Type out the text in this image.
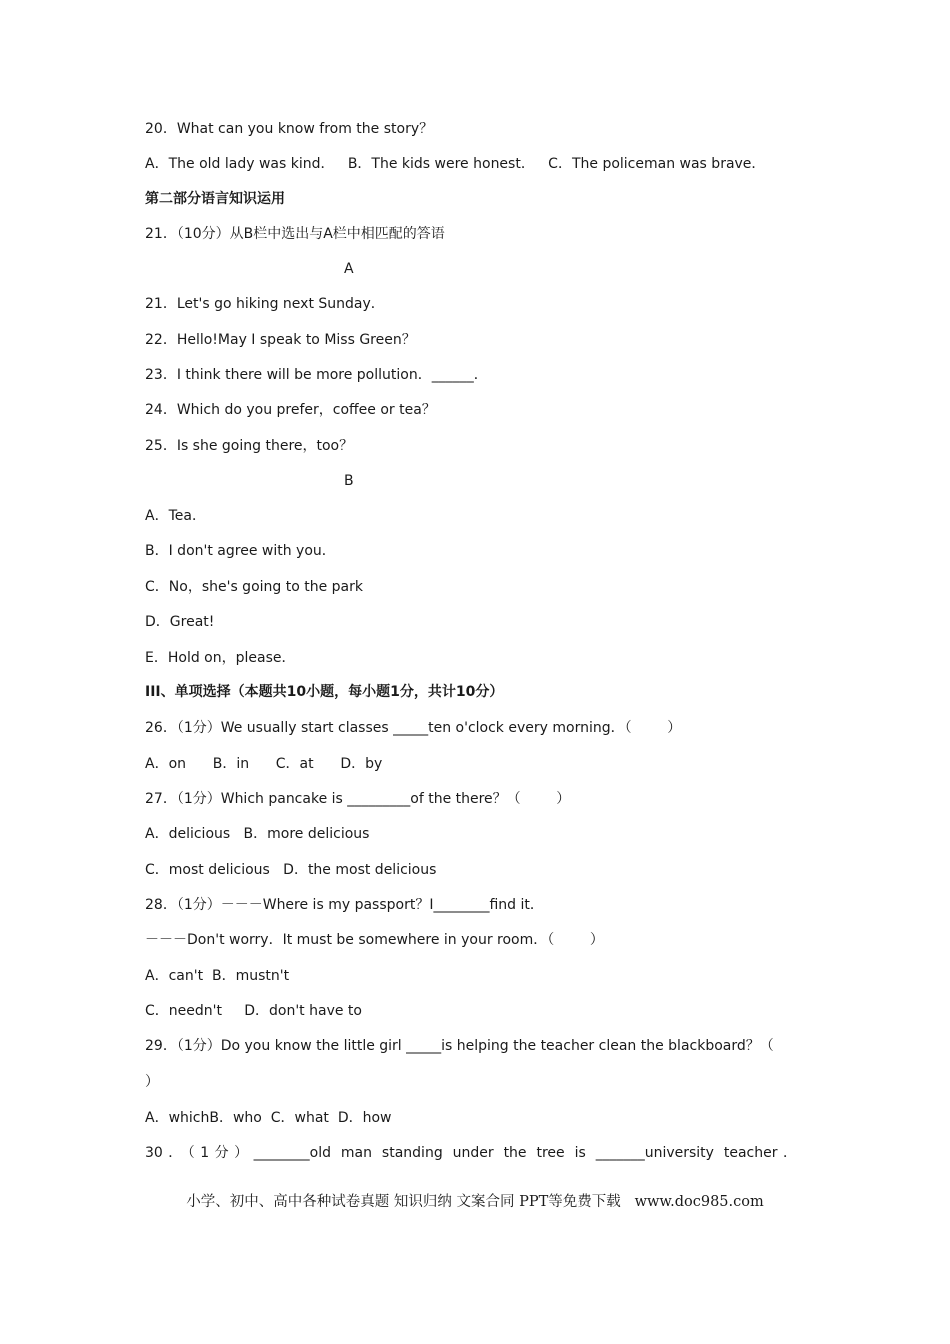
20．What can you know from the story？
A．The old lady was kind．   B．The kids were honest．   C．The policeman was brave．
第二部分语言知识运用
21．（10分）从B栏中选出与A栏中相匹配的答语
A
21．Let's go hiking next Sunday．
22．Hello!May I speak to Miss Green？
23．I think there will be more pollution．______．
24．Which do you prefer，coffee or tea？
25．Is she going there，too？
B
A．Tea．
B．I don't agree with you．
C．No，she's going to the park
D．Great!
E．Hold on，please．
III、单项选择（本题共10小题，每小题1分，共计10分）
26．（1分）We usually start classes _____ten o'clock every morning．（        ）
A．on      B．in      C．at      D．by
27．（1分）Which pancake is _________of the there？（        ）
A．delicious   B．more delicious
C．most delicious   D．the most delicious
28．（1分）－－－Where is my passport？I________find it．
－－－Don't worry．It must be somewhere in your room．（        ）
A．can't  B．mustn't
C．needn't     D．don't have to
29．（1分）Do you know the little girl _____is helping the teacher clean the blackboard？（
）
A．whichB．who  C．what  D．how
30．（1分）________old man standing under the tree is _______university teacher．
小学、初中、高中各种试卷真题 知识归纳 文案合同 PPT等免费下载   www.doc985.com
